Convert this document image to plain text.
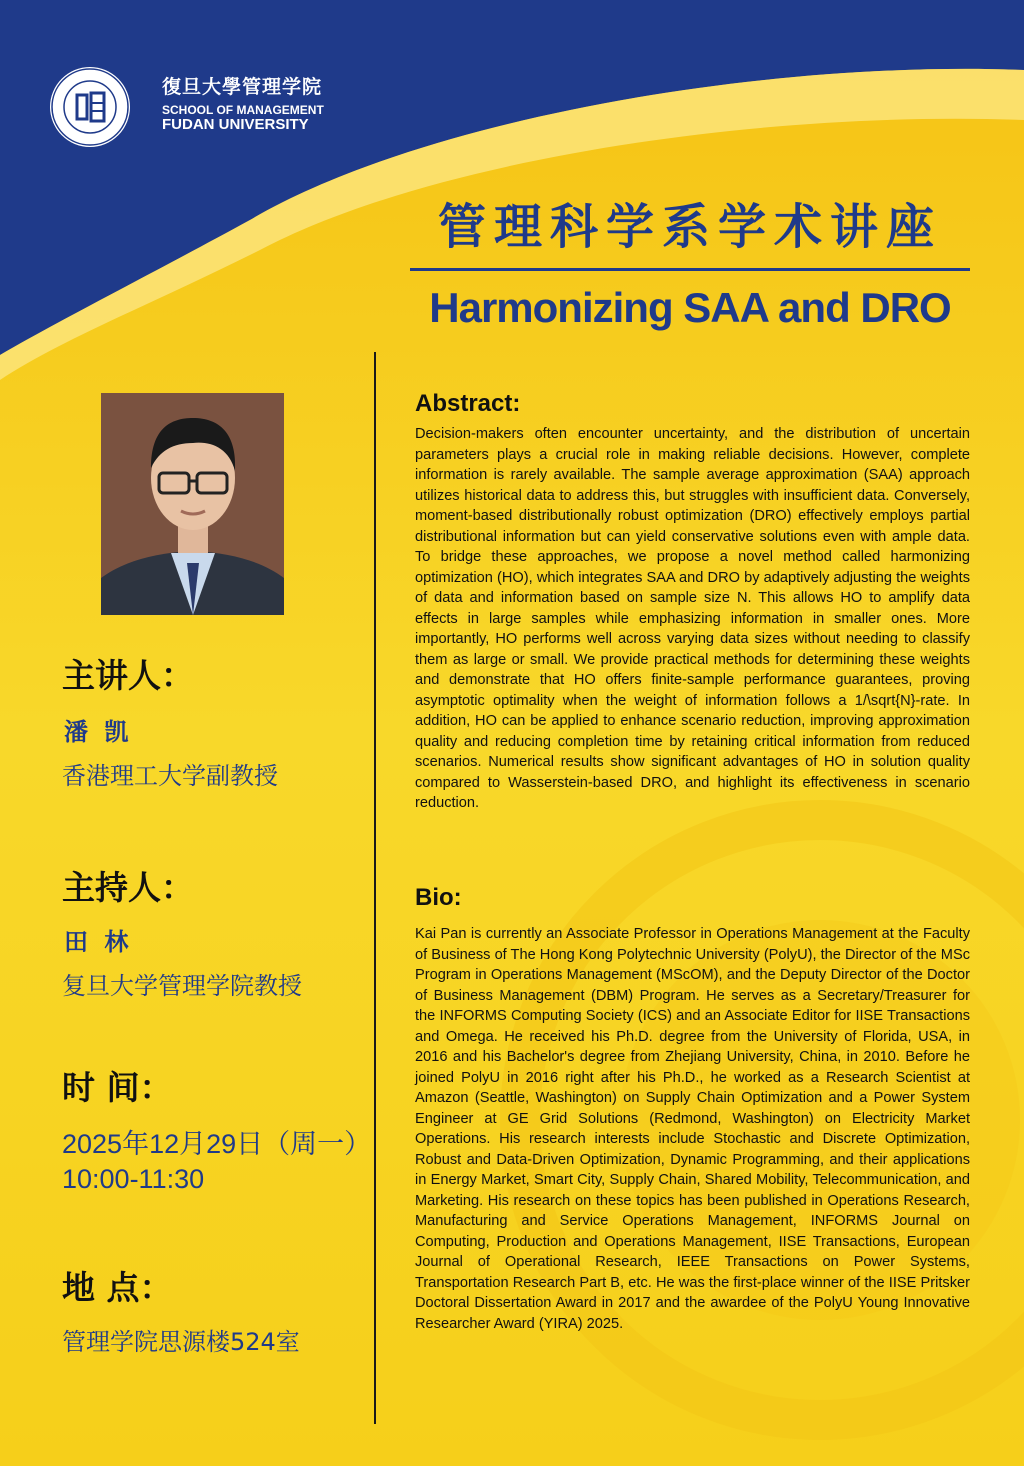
復旦大學管理学院
SCHOOL OF MANAGEMENT
FUDAN UNIVERSITY
管理科学系学术讲座
Harmonizing SAA and DRO
主讲人：
潘 凯
香港理工大学副教授
主持人：
田 林
复旦大学管理学院教授
时 间：
2025年12月29日（周一）
10:00-11:30
地 点：
管理学院思源楼524室
Abstract:
Decision-makers often encounter uncertainty, and the distribution of uncertain parameters plays a crucial role in making reliable decisions. However, complete information is rarely available. The sample average approximation (SAA) approach utilizes historical data to address this, but struggles with insufficient data. Conversely, moment-based distributionally robust optimization (DRO) effectively employs partial distributional information but can yield conservative solutions even with ample data. To bridge these approaches, we propose a novel method called harmonizing optimization (HO), which integrates SAA and DRO by adaptively adjusting the weights of data and information based on sample size N. This allows HO to amplify data effects in large samples while emphasizing information in smaller ones. More importantly, HO performs well across varying data sizes without needing to classify them as large or small. We provide practical methods for determining these weights and demonstrate that HO offers finite-sample performance guarantees, proving asymptotic optimality when the weight of information follows a 1/\sqrt{N}-rate. In addition, HO can be applied to enhance scenario reduction, improving approximation quality and reducing completion time by retaining critical information from reduced scenarios. Numerical results show significant advantages of HO in solution quality compared to Wasserstein-based DRO, and highlight its effectiveness in scenario reduction.
Bio:
Kai Pan is currently an Associate Professor in Operations Management at the Faculty of Business of The Hong Kong Polytechnic University (PolyU), the Director of the MSc Program in Operations Management (MScOM), and the Deputy Director of the Doctor of Business Management (DBM) Program. He serves as a Secretary/Treasurer for the INFORMS Computing Society (ICS) and an Associate Editor for IISE Transactions and Omega. He received his Ph.D. degree from the University of Florida, USA, in 2016 and his Bachelor's degree from Zhejiang University, China, in 2010. Before he joined PolyU in 2016 right after his Ph.D., he worked as a Research Scientist at Amazon (Seattle, Washington) on Supply Chain Optimization and a Power System Engineer at GE Grid Solutions (Redmond, Washington) on Electricity Market Operations. His research interests include Stochastic and Discrete Optimization, Robust and Data-Driven Optimization, Dynamic Programming, and their applications in Energy Market, Smart City, Supply Chain, Shared Mobility, Telecommunication, and Marketing. His research on these topics has been published in Operations Research, Manufacturing and Service Operations Management, INFORMS Journal on Computing, Production and Operations Management, IISE Transactions, European Journal of Operational Research, IEEE Transactions on Power Systems, Transportation Research Part B, etc. He was the first-place winner of the IISE Pritsker Doctoral Dissertation Award in 2017 and the awardee of the PolyU Young Innovative Researcher Award (YIRA) 2025.
